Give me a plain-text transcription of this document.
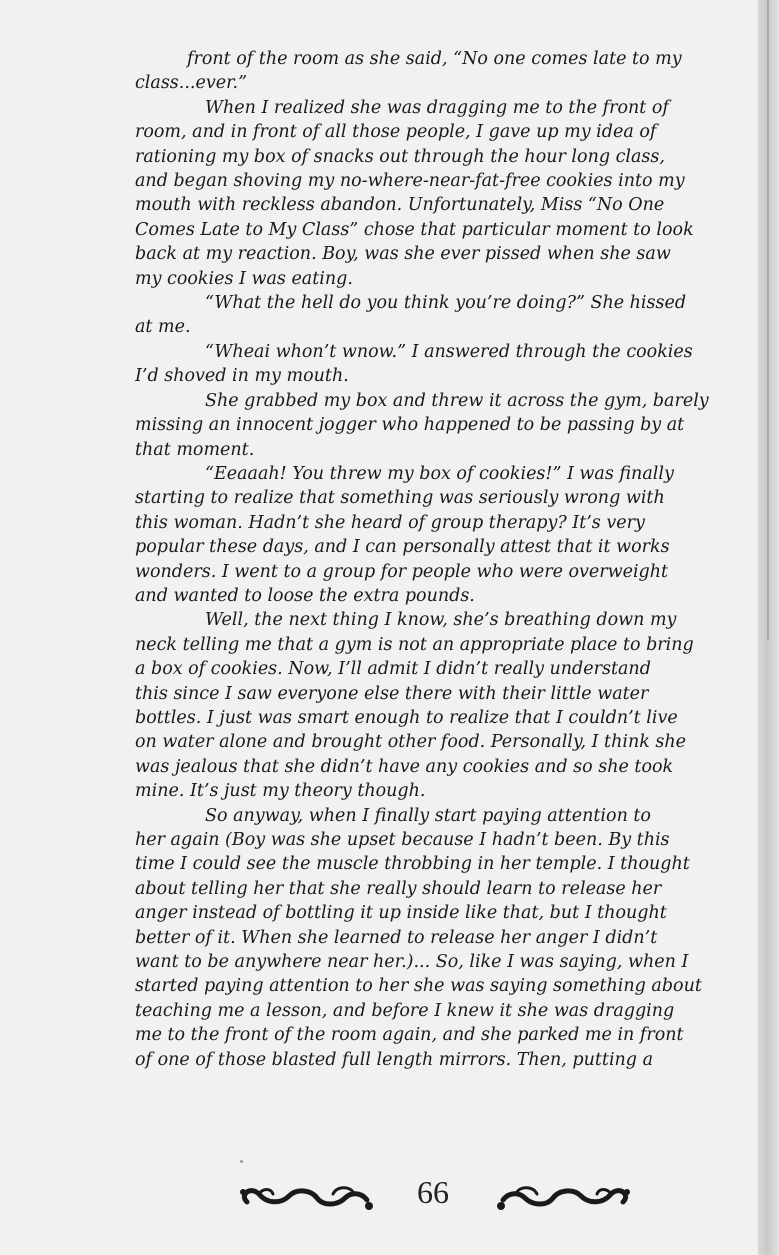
front of the room as she said, “No one comes late to my
class...ever.”

When I realized she was dragging me to the front of
room, and in front of all those people, I gave up my idea of
rationing my box of snacks out through the hour long class,
and began shoving my no-where-near-fat-free cookies into my
mouth with reckless abandon. Unfortunately, Miss “No One
Comes Late to My Class” chose that particular moment to look
back at my reaction. Boy, was she ever pissed when she saw
my cookies I was eating.

“What the hell do you think you’re doing?” She hissed
at me.

“Wheai whon’t wnow.” I answered through the cookies
I’d shoved in my mouth.

She grabbed my box and threw it across the gym, barely
missing an innocent jogger who happened to be passing by at
that moment.

“Eeaaah! You threw my box of cookies!” I was finally
starting to realize that something was seriously wrong with
this woman. Hadn’t she heard of group therapy? It’s very
popular these days, and I can personally attest that it works
wonders. I went to a group for people who were overweight
and wanted to loose the extra pounds.

Well, the next thing I know, she’s breathing down my
neck telling me that a gym is not an appropriate place to bring
a box of cookies. Now, I’ll admit I didn’t really understand
this since I saw everyone else there with their little water
bottles. I just was smart enough to realize that I couldn’t live
on water alone and brought other food. Personally, I think she
was jealous that she didn’t have any cookies and so she took
mine. It’s just my theory though.

So anyway, when I finally start paying attention to
her again (Boy was she upset because I hadn’t been. By this
time I could see the muscle throbbing in her temple. I thought
about telling her that she really should learn to release her
anger instead of bottling it up inside like that, but I thought
better of it. When she learned to release her anger I didn’t
want to be anywhere near her.)... So, like I was saying, when I
started paying attention to her she was saying something about
teaching me a lesson, and before I knew it she was dragging
me to the front of the room again, and she parked me in front
of one of those blasted full length mirrors. Then, putting a

66
